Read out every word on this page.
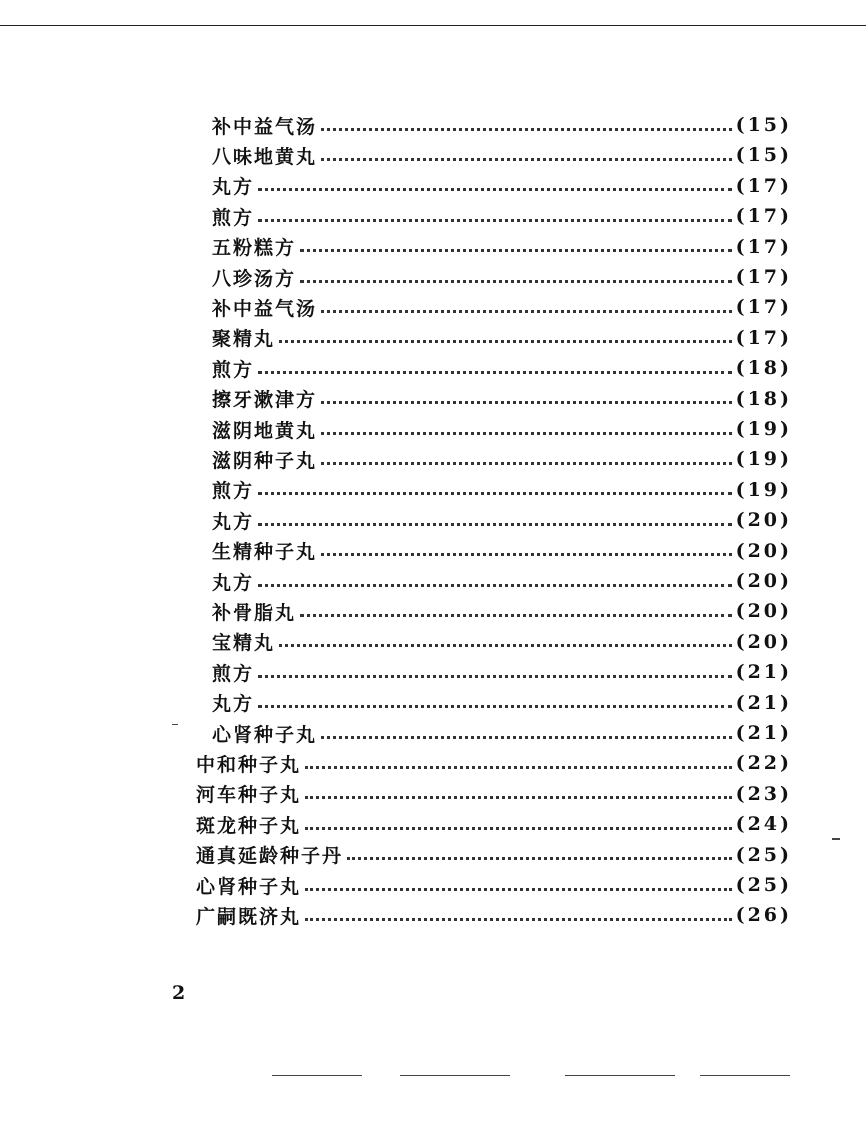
补中益气汤	(15)
八味地黄丸	(15)
丸方	(17)
煎方	(17)
五粉糕方	(17)
八珍汤方	(17)
补中益气汤	(17)
聚精丸	(17)
煎方	(18)
擦牙漱津方	(18)
滋阴地黄丸	(19)
滋阴种子丸	(19)
煎方	(19)
丸方	(20)
生精种子丸	(20)
丸方	(20)
补骨脂丸	(20)
宝精丸	(20)
煎方	(21)
丸方	(21)
心肾种子丸	(21)
中和种子丸	(22)
河车种子丸	(23)
斑龙种子丸	(24)
通真延龄种子丹	(25)
心肾种子丸	(25)
广嗣既济丸	(26)
2
